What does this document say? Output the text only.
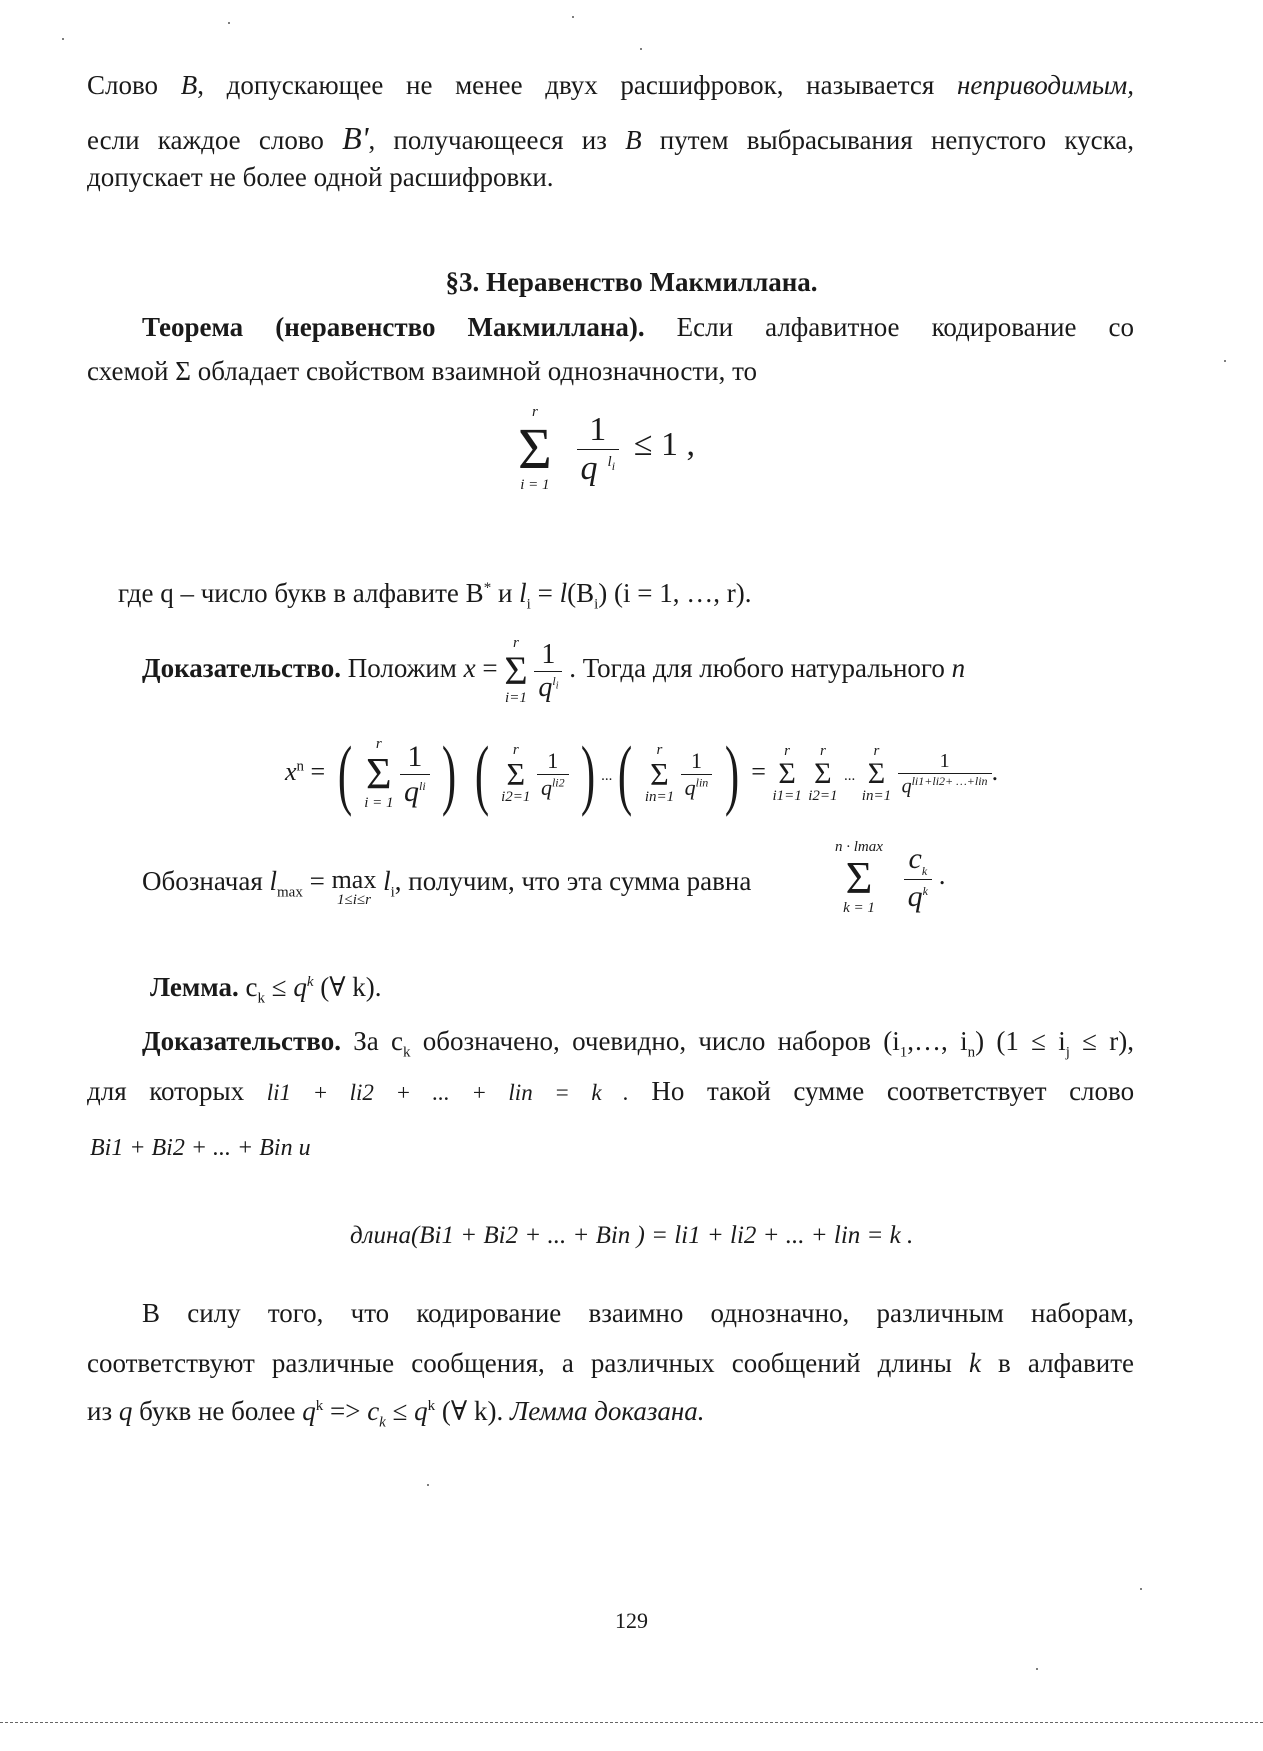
Слово B, допускающее не менее двух расшифровок, называется неприводимым,
если каждое слово B', получающееся из B путем выбрасывания непустого куска,
допускает не более одной расшифровки.
§3. Неравенство Макмиллана.
Теорема (неравенство Макмиллана). Если алфавитное кодирование со
схемой Σ обладает свойством взаимной однозначности, то
r
Σ
i = 1
$\frac{1}{q ^{l_i}} \le 1$ ,
где q – число букв в алфавите B* и $l_i = l(B_i) (i = 1$, …, r).
Доказательство. Положим x =
r
Σ
i=1
$\frac{1}{q^{l_i}}$ . Тогда для любого натурального n
$x^n$ = (	r
Σ
i = 1
$\frac{1}{q^{li}}$ ) (	r
Σ
i2=1
$\frac{1}{q^{li2}}$ ) ...(	r
Σ
in=1
$\frac{1}{q^{lin}}$ ) =
r
Σ
i1=1

r
Σ
i2=1
...
r
Σ
in=1
$\frac{1}{q^{li1+li2+ \dots+lin}}$ .
Обозначая $l_{max} = \max$
1≤i≤r
$l_i$, получим, что эта сумма равна
n · lmax
Σ
k = 1
$\frac{c_k}{q^k}$ .
Лемма. $c_k \le q^k$ (∀ k).
Доказательство. За $c_k$ обозначено, очевидно, число наборов ($i_1,\dots$, $i_n$) $(1 \le i_j \le r)$,
для которых li1 + li2 + ... + lin = k . Но такой сумме соответствует слово
Bi1 + Bi2 + ... + Bin и
длина(Bi1 + Bi2 + ... + Bin ) = li1 + li2 + ... + lin = k .
В силу того, что кодирование взаимно однозначно, различным наборам,
соответствуют различные сообщения, а различных сообщений длины k в алфавите
из q букв не более $q^k => c_k \le q^k$ (∀ k). Лемма доказана.
129
